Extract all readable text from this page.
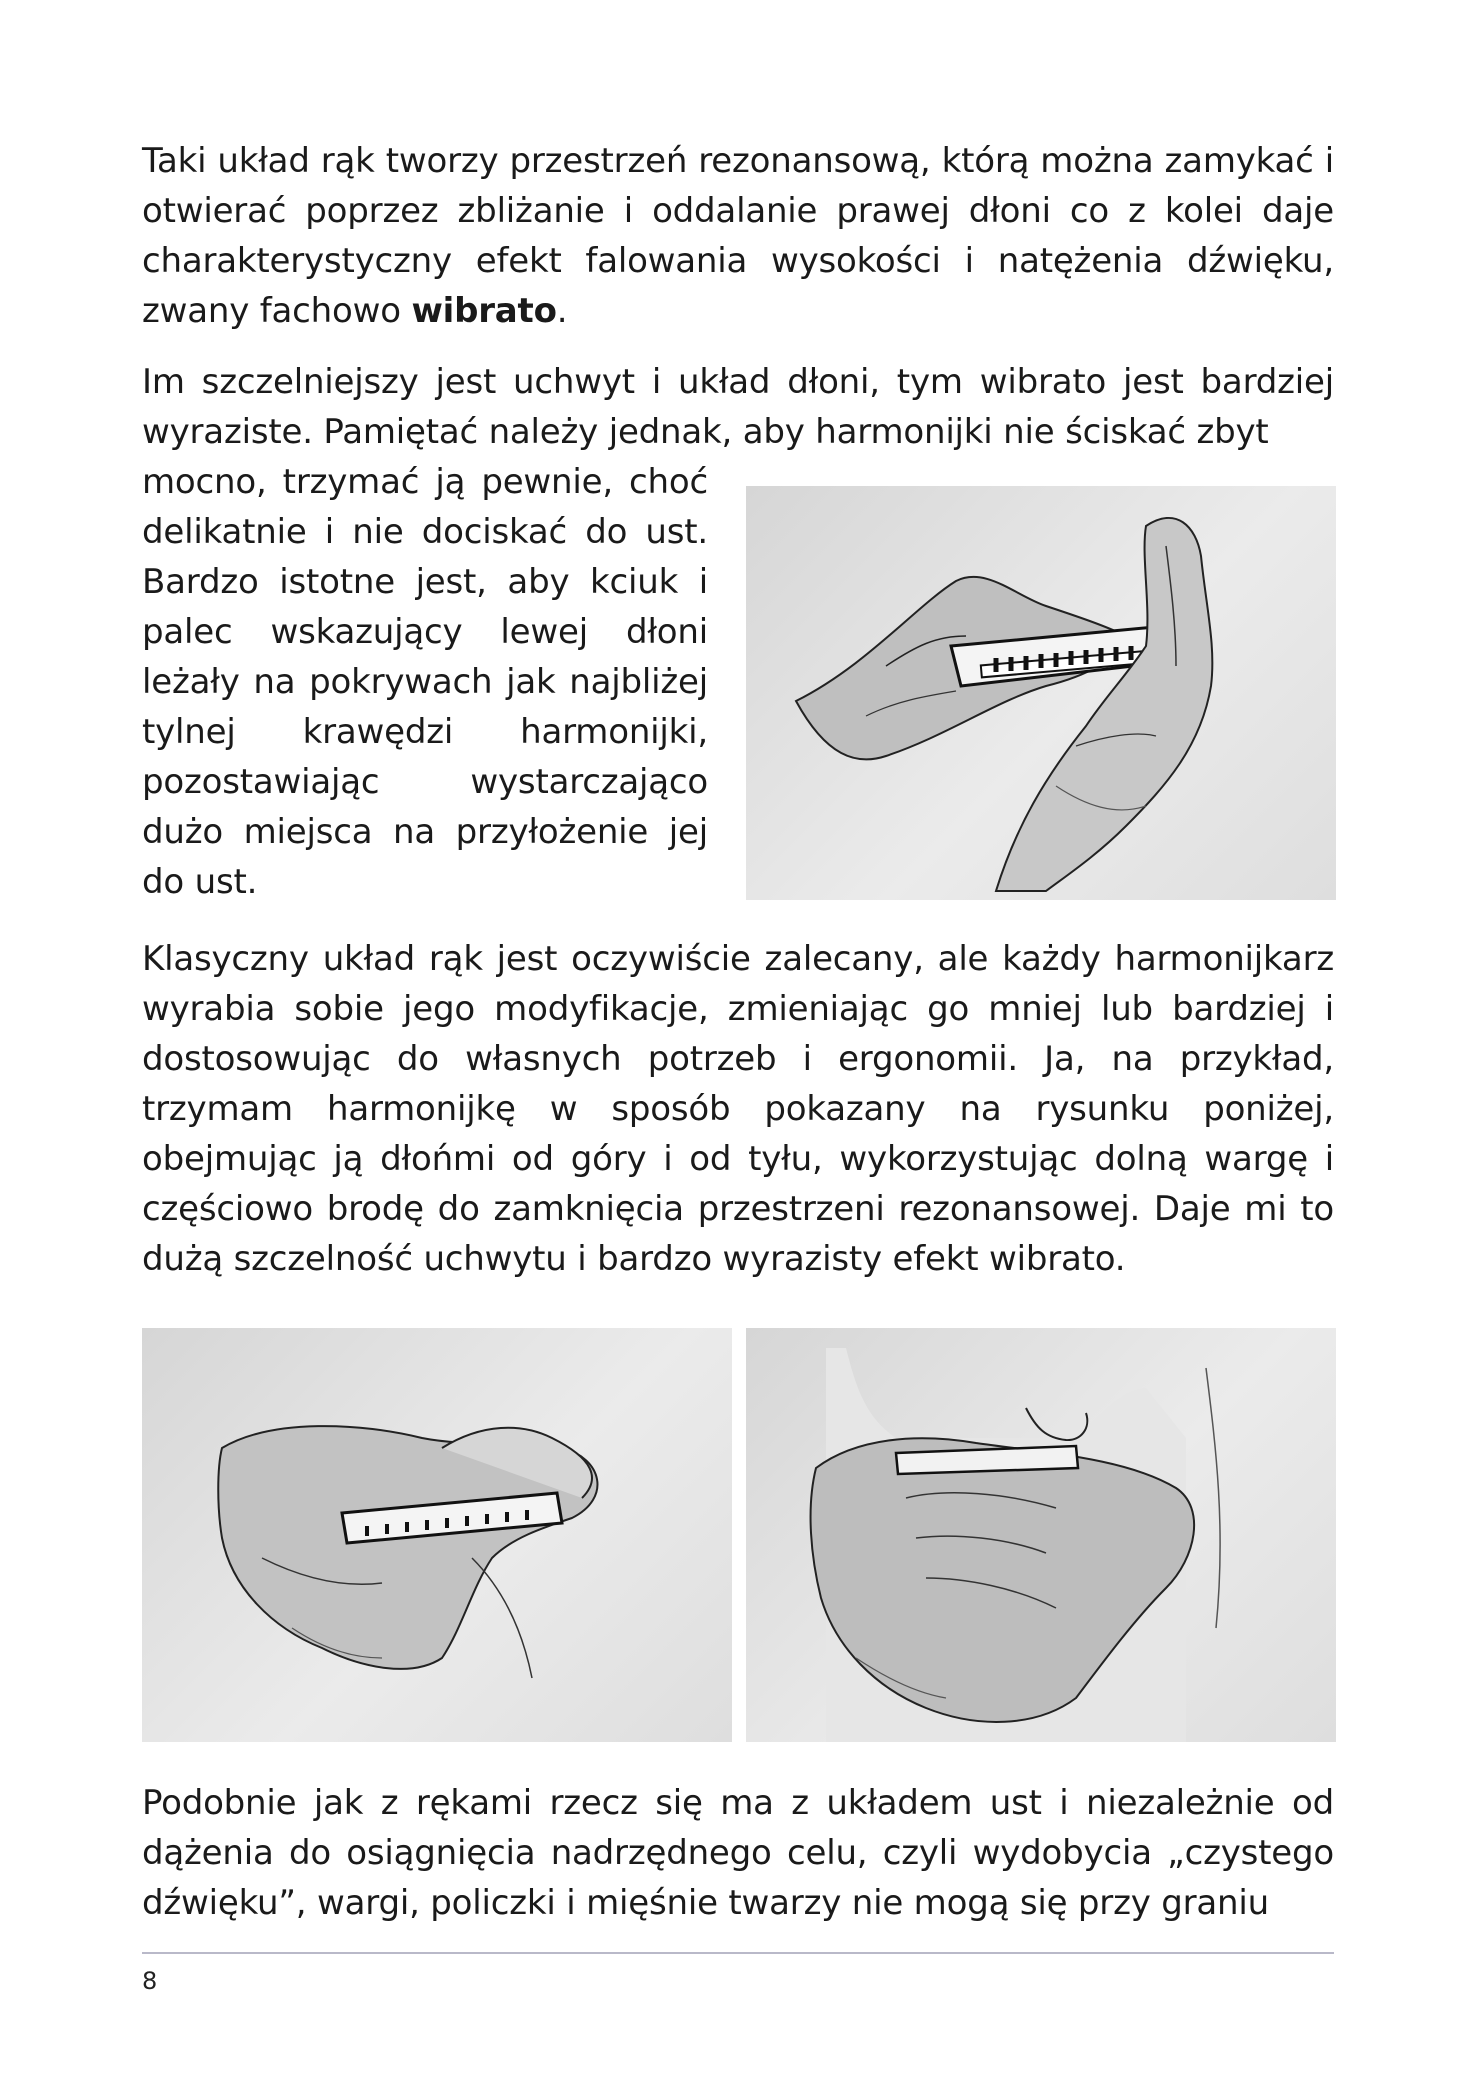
Taki układ rąk tworzy przestrzeń rezonansową, którą można zamykać i otwierać poprzez zbliżanie i oddalanie prawej dłoni co z kolei daje charakterystyczny efekt falowania wysokości i natężenia dźwięku, zwany fachowo wibrato.

Im szczelniejszy jest uchwyt i układ dłoni, tym wibrato jest bardziej wyraziste. Pamiętać należy jednak, aby harmonijki nie ściskać zbyt

mocno, trzymać ją pewnie, choć delikatnie i nie dociskać do ust. Bardzo istotne jest, aby kciuk i palec wskazujący lewej dłoni leżały na pokrywach jak najbliżej tylnej krawędzi harmonijki, pozostawiając wystarczająco dużo miejsca na przyłożenie jej do ust.

Klasyczny układ rąk jest oczywiście zalecany, ale każdy harmonijkarz wyrabia sobie jego modyfikacje, zmieniając go mniej lub bardziej i dostosowując do własnych potrzeb i ergonomii. Ja, na przykład, trzymam harmonijkę w sposób pokazany na rysunku poniżej, obejmując ją dłońmi od góry i od tyłu, wykorzystując dolną wargę i częściowo brodę do zamknięcia przestrzeni rezonansowej. Daje mi to dużą szczelność uchwytu i bardzo wyrazisty efekt wibrato.

Podobnie jak z rękami rzecz się ma z układem ust i niezależnie od dążenia do osiągnięcia nadrzędnego celu, czyli wydobycia „czystego dźwięku”, wargi, policzki i mięśnie twarzy nie mogą się przy graniu

8
